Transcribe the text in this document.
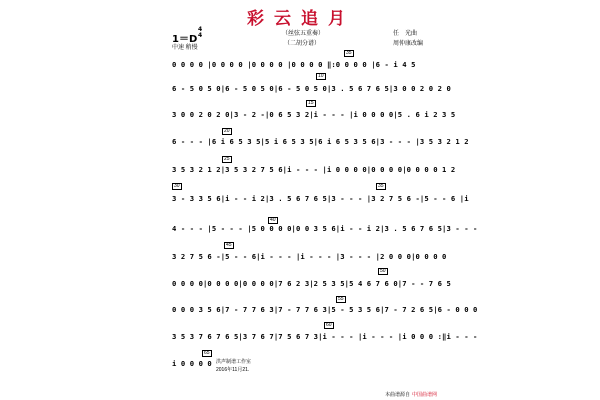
彩云追月
（丝弦五重奏）
（二胡分谱）
1＝D
4
4
中速 稍慢
任　光曲
周仲康改编
35
10
15
20
25
30	35
40
45
50
55
60
65
0 0 0 0 |0 0 0 0 |0 0 0 0 |0 0 0 0 ‖:0 0 0 0 |6 - i 4 5
6 - 5 0 5 0|6 - 5 0 5 0|6 - 5 0 5 0|3 . 5 6 7 6 5|3 0 0 2 0 2 0
3 0 0 2 0 2 0|3 - 2 -|0 6 5 3 2|i - - - |i 0 0 0 0|5 . 6 i 2 3 5
6 - - - |6 i 6 5 3 5|5 i 6 5 3 5|6 i 6 5 3 5 6|3 - - - |3 5 3 2 1 2
3 5 3 2 1 2|3 5 3 2 7 5 6|i - - - |i 0 0 0 0|0 0 0 0|0 0 0 0 1 2
3 - 3 3 5 6|i - - i 2|3 . 5 6 7 6 5|3 - - - |3 2 7 5 6 -|5 - - 6 |i
4 - - - |5 - - - |5 0 0 0 0|0 0 3 5 6|i - - i 2|3 . 5 6 7 6 5|3 - - -
3 2 7 5 6 -|5 - - 6|i - - - |i - - - |3 - - - |2 0 0 0|0 0 0 0
0 0 0 0|0 0 0 0|0 0 0 0|7 6 2 3|2 5 3 5|5 4 6 7 6 0|7 - - 7 6 5
0 0 0 3 5 6|7 - 7 7 6 3|7 - 7 7 6 3|5 - 5 3 5 6|7 - 7 2 6 5|6 - 0 0 0
3 5 3 7 6 7 6 5|3 7 6 7|7 5 6 7 3|i - - - |i - - - |i 0 0 0 :‖i - - -
i 0 0 0 0 洪声制谱工作室
2016年11月21.
本曲谱源自 中国曲谱网
